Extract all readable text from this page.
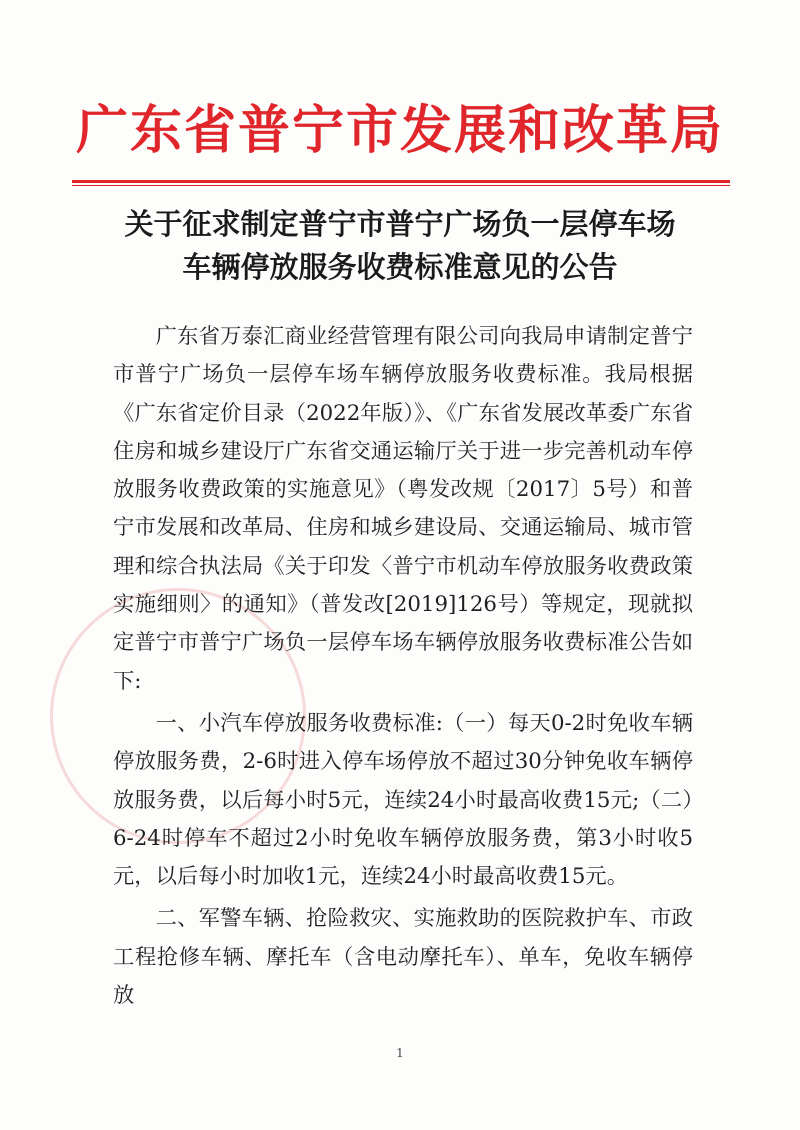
广东省普宁市发展和改革局
关于征求制定普宁市普宁广场负一层停车场
车辆停放服务收费标准意见的公告

广东省万泰汇商业经营管理有限公司向我局申请制定普宁市普宁广场负一层停车场车辆停放服务收费标准。我局根据《广东省定价目录（2022年版）》、《广东省发展改革委广东省住房和城乡建设厅广东省交通运输厅关于进一步完善机动车停放服务收费政策的实施意见》（粤发改规〔2017〕5号）和普宁市发展和改革局、住房和城乡建设局、交通运输局、城市管理和综合执法局《关于印发〈普宁市机动车停放服务收费政策实施细则〉的通知》（普发改[2019]126号）等规定，现就拟定普宁市普宁广场负一层停车场车辆停放服务收费标准公告如下:

一、小汽车停放服务收费标准:（一）每天0-2时免收车辆停放服务费，2-6时进入停车场停放不超过30分钟免收车辆停放服务费，以后每小时5元，连续24小时最高收费15元;（二）6-24时停车不超过2小时免收车辆停放服务费，第3小时收5元，以后每小时加收1元，连续24小时最高收费15元。

二、军警车辆、抢险救灾、实施救助的医院救护车、市政工程抢修车辆、摩托车（含电动摩托车）、单车，免收车辆停放

1
